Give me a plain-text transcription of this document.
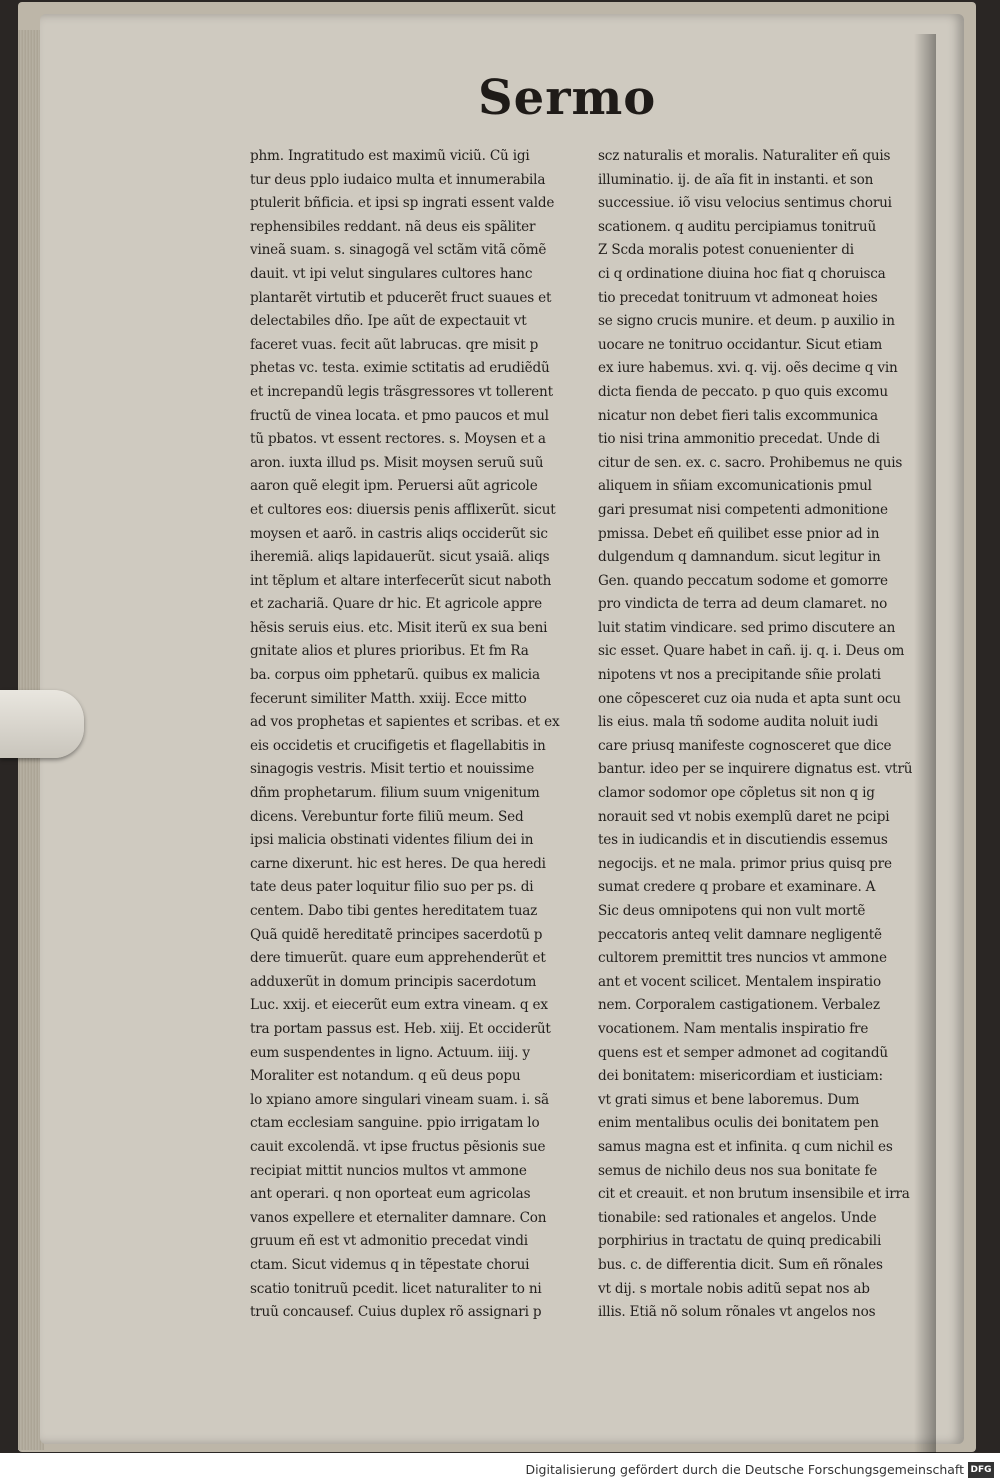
Sermo
phm. Ingratitudo est maximũ viciũ. Cũ igi
tur deus pplo iudaico multa et innumerabila
ptulerit bñficia. et ipsi sp ingrati essent valde
rephensibiles reddant. nã deus eis spãliter
vineã suam. s. sinagogã vel sctãm vitã cõmẽ
dauit. vt ipi velut singulares cultores hanc
plantarẽt virtutib et pducerẽt fruct suaues et
delectabiles dño. Ipe aũt de expectauit vt
faceret vuas. fecit aũt labrucas. qre misit p
phetas vc. testa. eximie sctitatis ad erudiẽdũ
et increpandũ legis trãsgressores vt tollerent
fructũ de vinea locata. et pmo paucos et mul
tũ pbatos. vt essent rectores. s. Moysen et a
aron. iuxta illud ps. Misit moysen seruũ suũ
aaron quẽ elegit ipm. Peruersi aũt agricole
et cultores eos: diuersis penis afflixerũt. sicut
moysen et aarõ. in castris aliqs occiderũt sic
iheremiã. aliqs lapidauerũt. sicut ysaiã. aliqs
int tẽplum et altare interfecerũt sicut naboth
et zachariã. Quare dr hic. Et agricole appre
hẽsis seruis eius. etc. Misit iterũ ex sua beni
gnitate alios et plures prioribus. Et fm Ra
ba. corpus oim ppһetarũ. quibus ex malicia
fecerunt similiter Matth. xxiij. Ecce mitto
ad vos prophetas et sapientes et scribas. et ex
eis occidetis et crucifigetis et flagellabitis in
sinagogis vestris. Misit tertio et nouissime
dñm prophetarum. filium suum vnigenitum
dicens. Verebuntur forte filiũ meum. Sed
ipsi malicia obstinati videntes filium dei in
carne dixerunt. hic est heres. De qua heredi
tate deus pater loquitur filio suo per ps. di
centem. Dabo tibi gentes hereditatem tuaz
Quã quidẽ hereditatẽ principes sacerdotũ p
dere timuerũt. quare eum apprehenderũt et
adduxerũt in domum principis sacerdotum
Luc. xxij. et eiecerũt eum extra vineam. q ex
tra portam passus est. Heb. xiij. Et occiderũt
eum suspendentes in ligno. Actuum. iiij. y
Moraliter est notandum. q eũ deus popu
lo xpiano amore singulari vineam suam. i. sã
ctam ecclesiam sanguine. ppio irrigatam lo
cauit excolendã. vt ipse fructus pẽsionis sue
recipiat mittit nuncios multos vt ammone
ant operari. q non oporteat eum agricolas
vanos expellere et eternaliter damnare. Con
gruum eñ est vt admonitio precedat vindi
ctam. Sicut videmus q in tẽpestate chorui
scatio tonitruũ pcedit. licet naturaliter to ni
truũ concausef. Cuius duplex rõ assignari p
scz naturalis et moralis. Naturaliter eñ quis
illuminatio. ij. de aĩa fit in instanti. et son
successiue. iõ visu velocius sentimus chorui
scationem. q auditu percipiamus tonitruũ
Z Scda moralis potest conuenienter di
ci q ordinatione diuina hoc fiat q choruisca
tio precedat tonitruum vt admoneat hoies
se signo crucis munire. et deum. p auxilio in
uocare ne tonitruo occidantur. Sicut etiam
ex iure habemus. xvi. q. vij. oẽs decime q vin
dicta fienda de peccato. p quo quis excomu
nicatur non debet fieri talis excommunica
tio nisi trina ammonitio precedat. Unde di
citur de sen. ex. c. sacro. Prohibemus ne quis
aliquem in sñiam excomunicationis pmul
gari presumat nisi competenti admonitione
pmissa. Debet eñ quilibet esse pnior ad in
dulgendum q damnandum. sicut legitur in
Gen. quando peccatum sodome et gomorre
pro vindicta de terra ad deum clamaret. no
luit statim vindicare. sed primo discutere an
sic esset. Quare habet in cañ. ij. q. i. Deus om
nipotens vt nos a precipitande sñie prolati
one cõpesceret cuz oia nuda et apta sunt ocu
lis eius. mala tñ sodome audita noluit iudi
care priusq manifeste cognosceret que dice
bantur. ideo per se inquirere dignatus est. vtrũ
clamor sodomor ope cõpletus sit non q ig
norauit sed vt nobis exemplũ daret ne pcipi
tes in iudicandis et in discutiendis essemus
negocijs. et ne mala. primor prius quisq pre
sumat credere q probare et examinare. A
Sic deus omnipotens qui non vult mortẽ
peccatoris anteq velit damnare negligentẽ
cultorem premittit tres nuncios vt ammone
ant et vocent scilicet. Mentalem inspiratio
nem. Corporalem castigationem. Verbalez
vocationem. Nam mentalis inspiratio fre
quens est et semper admonet ad cogitandũ
dei bonitatem: misericordiam et iusticiam:
vt grati simus et bene laboremus. Dum
enim mentalibus oculis dei bonitatem pen
samus magna est et infinita. q cum nichil es
semus de nichilo deus nos sua bonitate fe
cit et creauit. et non brutum insensibile et irra
tionabile: sed rationales et angelos. Unde
porphirius in tractatu de quinq predicabili
bus. c. de differentia dicit. Sum eñ rõnales
vt dij. s mortale nobis aditũ sepat nos ab
illis. Etiã nõ solum rõnales vt angelos nos
Digitalisierung gefördert durch die Deutsche Forschungsgemeinschaft DFG
